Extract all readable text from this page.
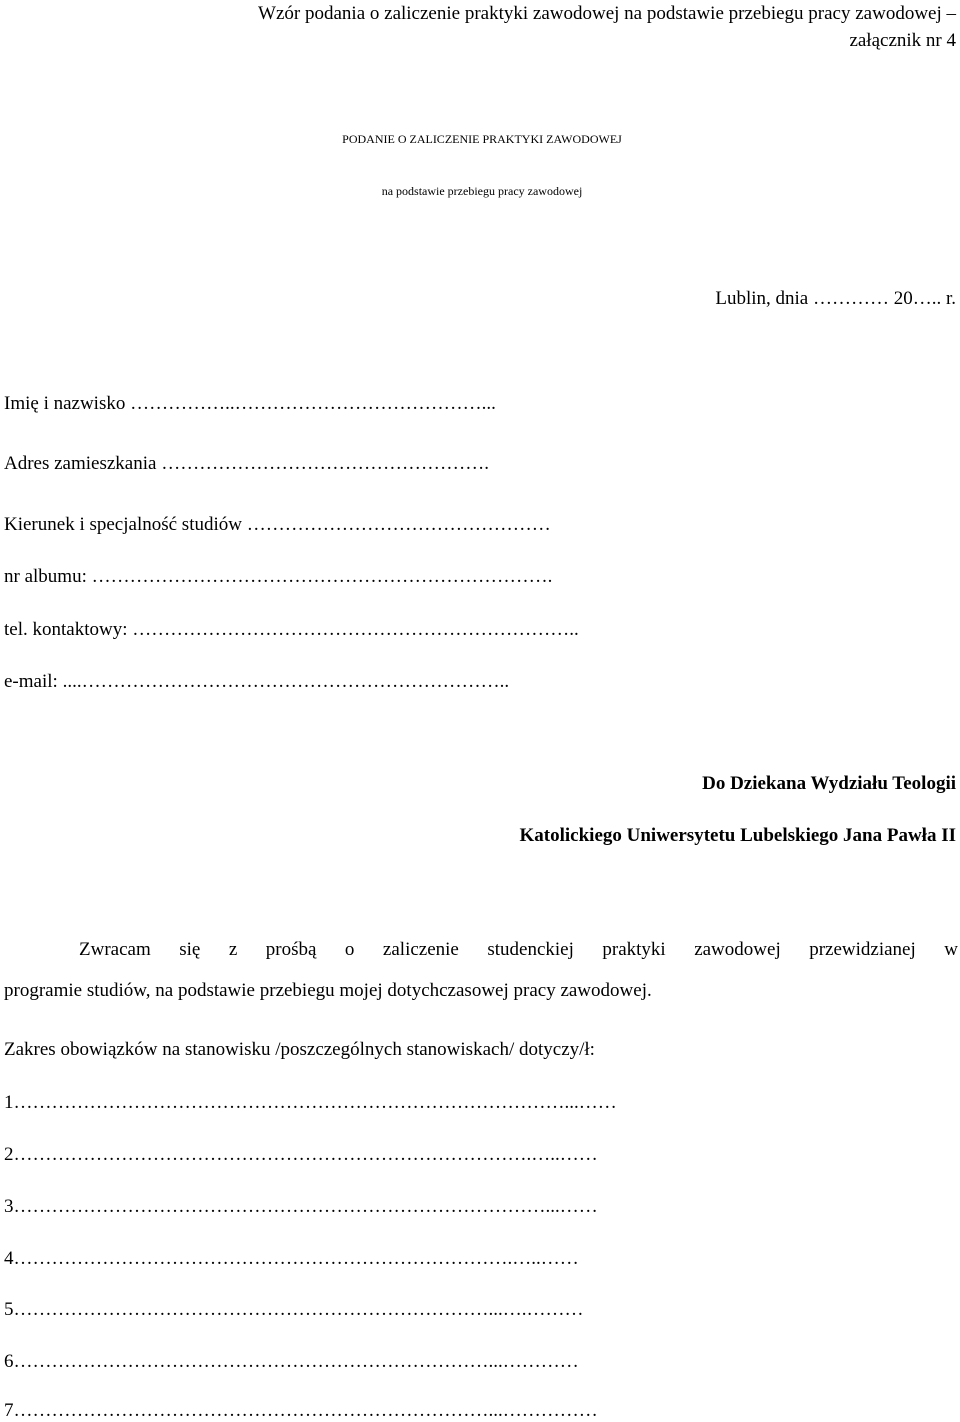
Wzór podania o zaliczenie praktyki zawodowej na podstawie przebiegu pracy zawodowej –
załącznik nr 4
PODANIE O ZALICZENIE PRAKTYKI ZAWODOWEJ
na podstawie przebiegu pracy zawodowej
Lublin, dnia ………… 20….. r.
Imię i nazwisko ……………..…………………………………...
Adres zamieszkania …………………………………………….
Kierunek i specjalność studiów …………………………………………
nr albumu: ……………………………………………………………….
tel. kontaktowy: ……………………………………………………………..
e-mail: ....…………………………………………………………..
Do Dziekana Wydziału Teologii
Katolickiego Uniwersytetu Lubelskiego Jana Pawła II
Zwracam się z prośbą o zaliczenie studenckiej praktyki zawodowej przewidzianej w
programie studiów, na podstawie przebiegu mojej dotychczasowej pracy zawodowej.
Zakres obowiązków na stanowisku /poszczególnych stanowiskach/ dotyczy/ł:
1……………………………………………………………………………...……
2……………………………………………………………………….…..……
3…………………………………………………………………………...……
4…………………………………………………………………….…..……
5…………………………………………………………………...….………
6…………………………………………………………………...…………
7…………………………………………………………………...……………
